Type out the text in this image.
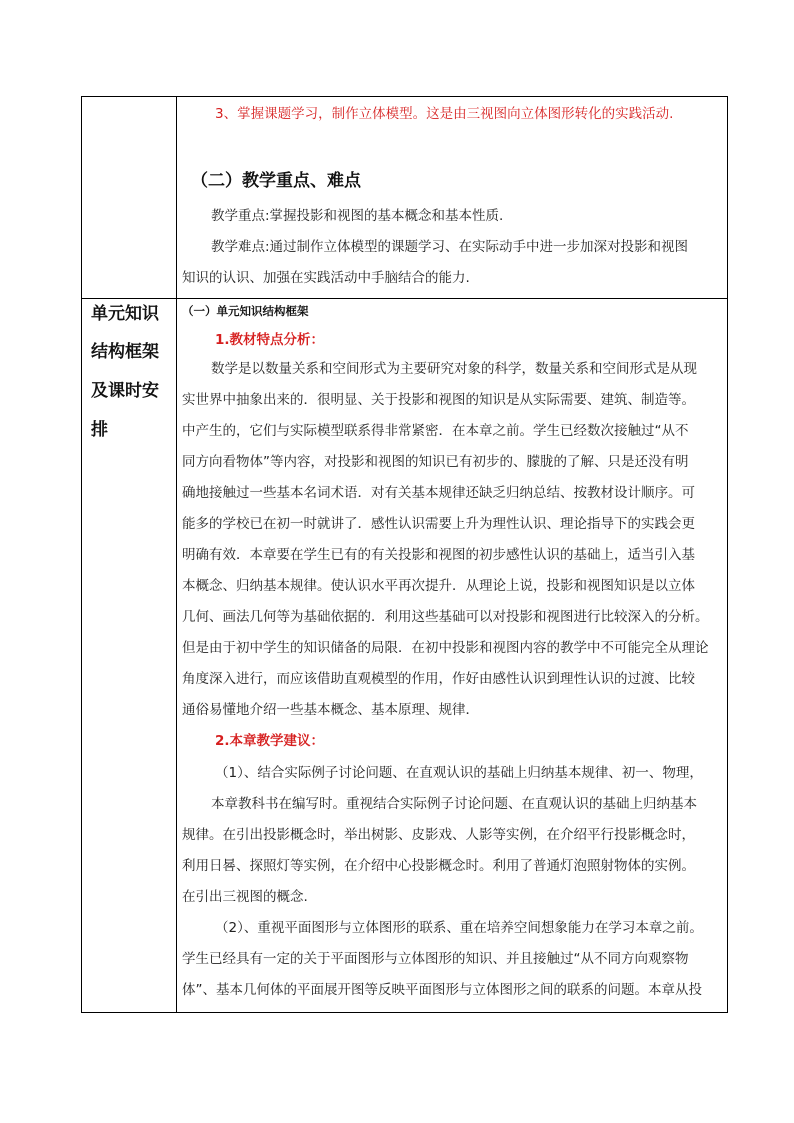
3、掌握课题学习，制作立体模型。这是由三视图向立体图形转化的实践活动.

（二）教学重点、难点

教学重点:掌握投影和视图的基本概念和基本性质.

教学难点:通过制作立体模型的课题学习、在实际动手中进一步加深对投影和视图

知识的认识、加强在实践活动中手脑结合的能力.

单元知识
结构框架
及课时安
排

（一）单元知识结构框架

1.教材特点分析：

数学是以数量关系和空间形式为主要研究对象的科学，数量关系和空间形式是从现

实世界中抽象出来的．很明显、关于投影和视图的知识是从实际需要、建筑、制造等。

中产生的，它们与实际模型联系得非常紧密．在本章之前。学生已经数次接触过“从不

同方向看物体”等内容，对投影和视图的知识已有初步的、朦胧的了解、只是还没有明

确地接触过一些基本名词术语．对有关基本规律还缺乏归纳总结、按教材设计顺序。可

能多的学校已在初一时就讲了．感性认识需要上升为理性认识、理论指导下的实践会更

明确有效．本章要在学生已有的有关投影和视图的初步感性认识的基础上，适当引入基

本概念、归纳基本规律。使认识水平再次提升．从理论上说，投影和视图知识是以立体

几何、画法几何等为基础依据的．利用这些基础可以对投影和视图进行比较深入的分析。

但是由于初中学生的知识储备的局限．在初中投影和视图内容的教学中不可能完全从理论

角度深入进行，而应该借助直观模型的作用，作好由感性认识到理性认识的过渡、比较

通俗易懂地介绍一些基本概念、基本原理、规律．

2.本章教学建议：

（1）、结合实际例子讨论问题、在直观认识的基础上归纳基本规律、初一、物理，

本章教科书在编写时。重视结合实际例子讨论问题、在直观认识的基础上归纳基本

规律。在引出投影概念时，举出树影、皮影戏、人影等实例，在介绍平行投影概念时，

利用日晷、探照灯等实例，在介绍中心投影概念时。利用了普通灯泡照射物体的实例。

在引出三视图的概念.

（2）、重视平面图形与立体图形的联系、重在培养空间想象能力在学习本章之前。

学生已经具有一定的关于平面图形与立体图形的知识、并且接触过“从不同方向观察物

体”、基本几何体的平面展开图等反映平面图形与立体图形之间的联系的问题。本章从投
